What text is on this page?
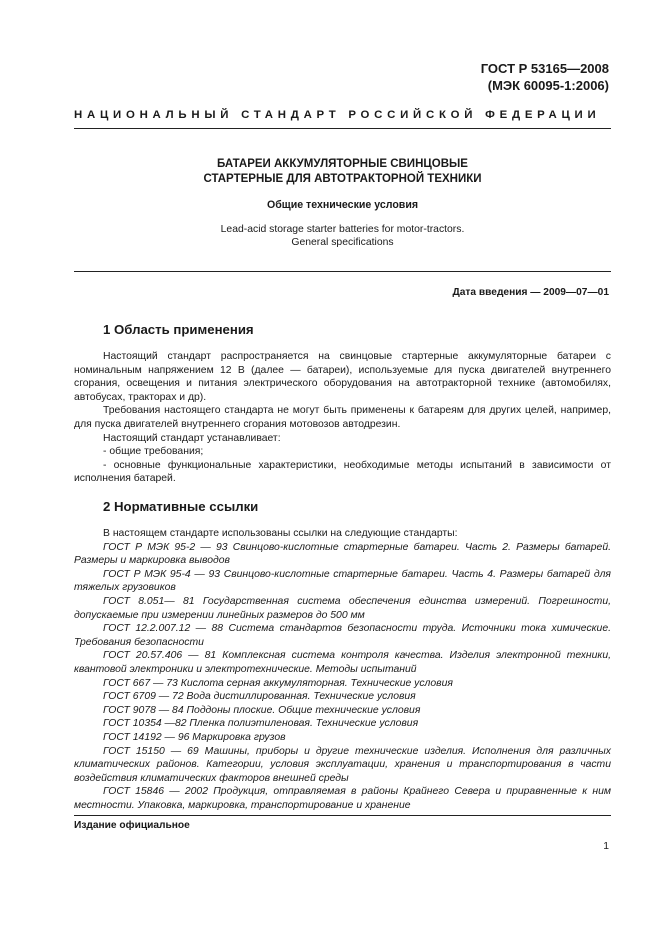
ГОСТ Р 53165—2008
(МЭК 60095-1:2006)
НАЦИОНАЛЬНЫЙ СТАНДАРТ РОССИЙСКОЙ ФЕДЕРАЦИИ
БАТАРЕИ АККУМУЛЯТОРНЫЕ СВИНЦОВЫЕ
СТАРТЕРНЫЕ ДЛЯ АВТОТРАКТОРНОЙ ТЕХНИКИ
Общие технические условия
Lead-acid storage starter batteries for motor-tractors.
General specifications
Дата введения — 2009—07—01
1 Область применения

Настоящий стандарт распространяется на свинцовые стартерные аккумуляторные батареи с номинальным напряжением 12 В (далее — батареи), используемые для пуска двигателей внутреннего сгорания, освещения и питания электрического оборудования на автотракторной технике (автомобилях, автобусах, тракторах и др).

Требования настоящего стандарта не могут быть применены к батареям для других целей, например, для пуска двигателей внутреннего сгорания мотовозов автодрезин.

Настоящий стандарт устанавливает:

- общие требования;

- основные функциональные характеристики, необходимые методы испытаний в зависимости от исполнения батарей.

2 Нормативные ссылки

В настоящем стандарте использованы ссылки на следующие стандарты:

ГОСТ Р МЭК 95-2 — 93 Свинцово-кислотные стартерные батареи. Часть 2. Размеры батарей. Размеры и маркировка выводов

ГОСТ Р МЭК 95-4 — 93 Свинцово-кислотные стартерные батареи. Часть 4. Размеры батарей для тяжелых грузовиков

ГОСТ 8.051— 81 Государственная система обеспечения единства измерений. Погрешности, допускаемые при измерении линейных размеров до 500 мм

ГОСТ 12.2.007.12 — 88 Система стандартов безопасности труда. Источники тока химические. Требования безопасности

ГОСТ 20.57.406 — 81 Комплексная система контроля качества. Изделия электронной техники, квантовой электроники и электротехнические. Методы испытаний

ГОСТ 667 — 73 Кислота серная аккумуляторная. Технические условия

ГОСТ 6709 — 72 Вода дистиллированная. Технические условия

ГОСТ 9078 — 84 Поддоны плоские. Общие технические условия

ГОСТ 10354 —82 Пленка полиэтиленовая. Технические условия

ГОСТ 14192 — 96 Маркировка грузов

ГОСТ 15150 — 69 Машины, приборы и другие технические изделия. Исполнения для различных климатических районов. Категории, условия эксплуатации, хранения и транспортирования в части воздействия климатических факторов внешней среды

ГОСТ 15846 — 2002 Продукция, отправляемая в районы Крайнего Севера и приравненные к ним местности. Упаковка, маркировка, транспортирование и хранение

Издание официальное
1
